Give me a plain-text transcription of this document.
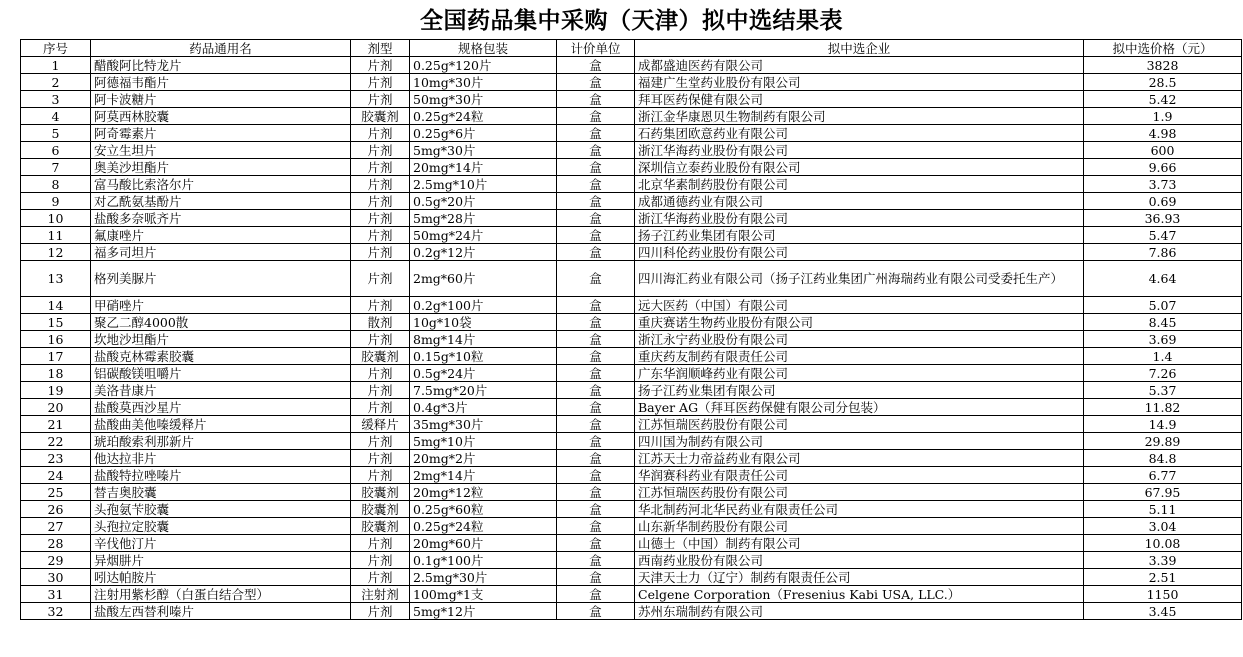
全国药品集中采购（天津）拟中选结果表
序号	药品通用名	剂型	规格包装	计价单位	拟中选企业	拟中选价格（元）
1	醋酸阿比特龙片	片剂	0.25g*120片	盒	成都盛迪医药有限公司	3828
2	阿德福韦酯片	片剂	10mg*30片	盒	福建广生堂药业股份有限公司	28.5
3	阿卡波糖片	片剂	50mg*30片	盒	拜耳医药保健有限公司	5.42
4	阿莫西林胶囊	胶囊剂	0.25g*24粒	盒	浙江金华康恩贝生物制药有限公司	1.9
5	阿奇霉素片	片剂	0.25g*6片	盒	石药集团欧意药业有限公司	4.98
6	安立生坦片	片剂	5mg*30片	盒	浙江华海药业股份有限公司	600
7	奥美沙坦酯片	片剂	20mg*14片	盒	深圳信立泰药业股份有限公司	9.66
8	富马酸比索洛尔片	片剂	2.5mg*10片	盒	北京华素制药股份有限公司	3.73
9	对乙酰氨基酚片	片剂	0.5g*20片	盒	成都通德药业有限公司	0.69
10	盐酸多奈哌齐片	片剂	5mg*28片	盒	浙江华海药业股份有限公司	36.93
11	氟康唑片	片剂	50mg*24片	盒	扬子江药业集团有限公司	5.47
12	福多司坦片	片剂	0.2g*12片	盒	四川科伦药业股份有限公司	7.86
13	格列美脲片	片剂	2mg*60片	盒	四川海汇药业有限公司（扬子江药业集团广州海瑞药业有限公司受委托生产）	4.64
14	甲硝唑片	片剂	0.2g*100片	盒	远大医药（中国）有限公司	5.07
15	聚乙二醇4000散	散剂	10g*10袋	盒	重庆赛诺生物药业股份有限公司	8.45
16	坎地沙坦酯片	片剂	8mg*14片	盒	浙江永宁药业股份有限公司	3.69
17	盐酸克林霉素胶囊	胶囊剂	0.15g*10粒	盒	重庆药友制药有限责任公司	1.4
18	铝碳酸镁咀嚼片	片剂	0.5g*24片	盒	广东华润顺峰药业有限公司	7.26
19	美洛昔康片	片剂	7.5mg*20片	盒	扬子江药业集团有限公司	5.37
20	盐酸莫西沙星片	片剂	0.4g*3片	盒	Bayer AG（拜耳医药保健有限公司分包装）	11.82
21	盐酸曲美他嗪缓释片	缓释片	35mg*30片	盒	江苏恒瑞医药股份有限公司	14.9
22	琥珀酸索利那新片	片剂	5mg*10片	盒	四川国为制药有限公司	29.89
23	他达拉非片	片剂	20mg*2片	盒	江苏天士力帝益药业有限公司	84.8
24	盐酸特拉唑嗪片	片剂	2mg*14片	盒	华润赛科药业有限责任公司	6.77
25	替吉奥胶囊	胶囊剂	20mg*12粒	盒	江苏恒瑞医药股份有限公司	67.95
26	头孢氨苄胶囊	胶囊剂	0.25g*60粒	盒	华北制药河北华民药业有限责任公司	5.11
27	头孢拉定胶囊	胶囊剂	0.25g*24粒	盒	山东新华制药股份有限公司	3.04
28	辛伐他汀片	片剂	20mg*60片	盒	山德士（中国）制药有限公司	10.08
29	异烟肼片	片剂	0.1g*100片	盒	西南药业股份有限公司	3.39
30	吲达帕胺片	片剂	2.5mg*30片	盒	天津天士力（辽宁）制药有限责任公司	2.51
31	注射用紫杉醇（白蛋白结合型）	注射剂	100mg*1支	盒	Celgene Corporation（Fresenius Kabi USA, LLC.）	1150
32	盐酸左西替利嗪片	片剂	5mg*12片	盒	苏州东瑞制药有限公司	3.45
